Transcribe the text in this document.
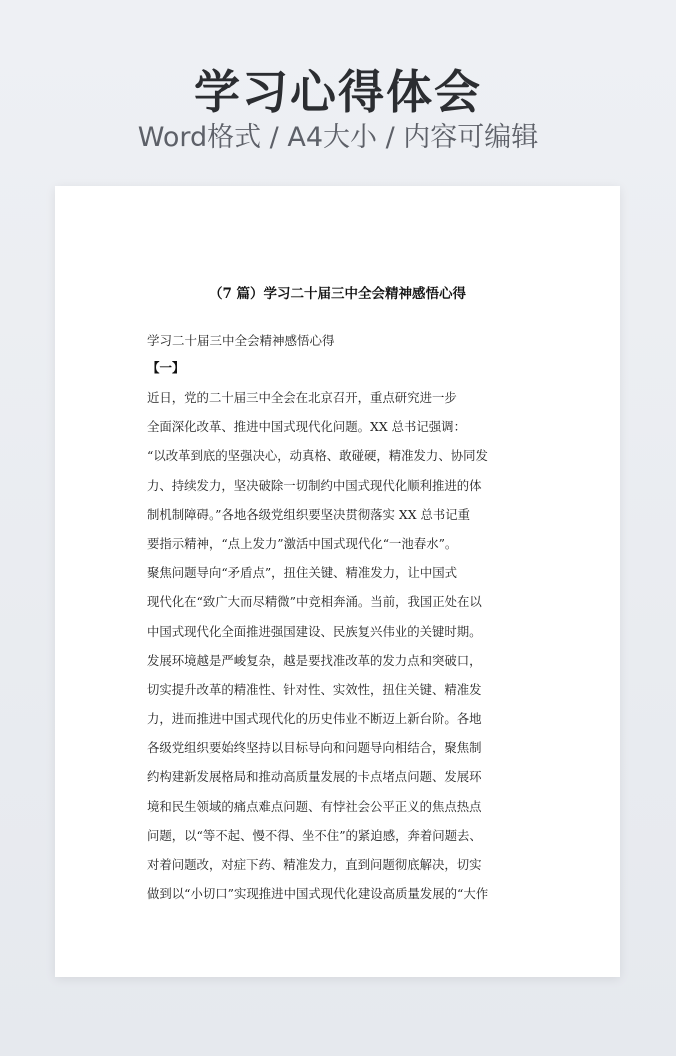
学习心得体会
Word格式 / A4大小 / 内容可编辑
（7 篇）学习二十届三中全会精神感悟心得
学习二十届三中全会精神感悟心得
【一】
近日，党的二十届三中全会在北京召开，重点研究进一步
全面深化改革、推进中国式现代化问题。XX 总书记强调：
“以改革到底的坚强决心，动真格、敢碰硬，精准发力、协同发
力、持续发力，坚决破除一切制约中国式现代化顺利推进的体
制机制障碍。”各地各级党组织要坚决贯彻落实 XX 总书记重
要指示精神，“点上发力”激活中国式现代化“一池春水”。
聚焦问题导向“矛盾点”，扭住关键、精准发力，让中国式
现代化在“致广大而尽精微”中竞相奔涌。当前，我国正处在以
中国式现代化全面推进强国建设、民族复兴伟业的关键时期。
发展环境越是严峻复杂，越是要找准改革的发力点和突破口，
切实提升改革的精准性、针对性、实效性，扭住关键、精准发
力，进而推进中国式现代化的历史伟业不断迈上新台阶。各地
各级党组织要始终坚持以目标导向和问题导向相结合，聚焦制
约构建新发展格局和推动高质量发展的卡点堵点问题、发展环
境和民生领域的痛点难点问题、有悖社会公平正义的焦点热点
问题，以“等不起、慢不得、坐不住”的紧迫感，奔着问题去、
对着问题改，对症下药、精准发力，直到问题彻底解决，切实
做到以“小切口”实现推进中国式现代化建设高质量发展的“大作
